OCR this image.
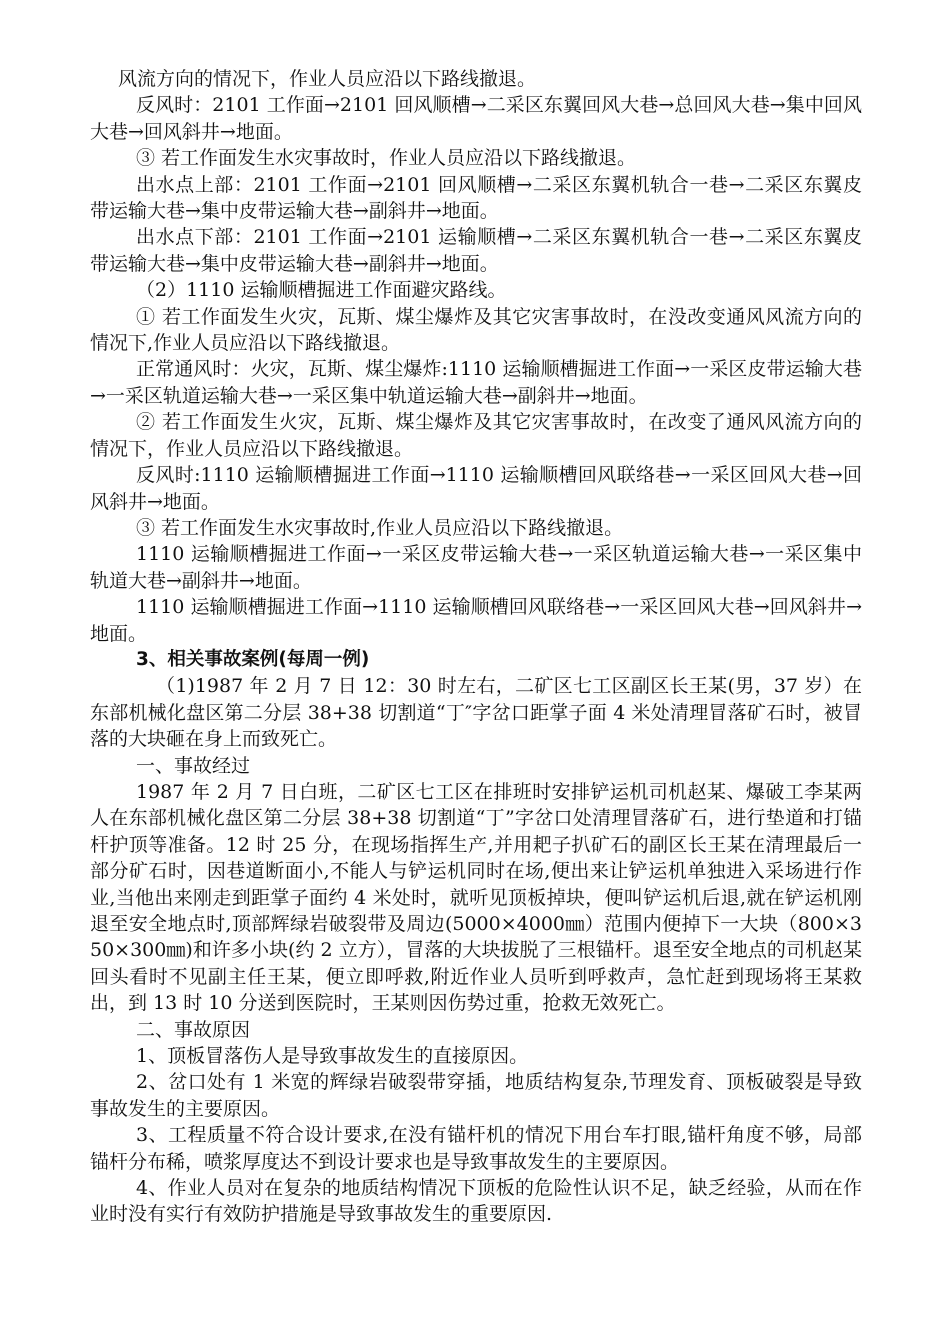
风流方向的情况下，作业人员应沿以下路线撤退。

反风时：2101 工作面→2101 回风顺槽→二采区东翼回风大巷→总回风大巷→集中回风大巷→回风斜井→地面。

③ 若工作面发生水灾事故时，作业人员应沿以下路线撤退。

出水点上部：2101 工作面→2101 回风顺槽→二采区东翼机轨合一巷→二采区东翼皮带运输大巷→集中皮带运输大巷→副斜井→地面。

出水点下部：2101 工作面→2101 运输顺槽→二采区东翼机轨合一巷→二采区东翼皮带运输大巷→集中皮带运输大巷→副斜井→地面。

（2）1110 运输顺槽掘进工作面避灾路线。

① 若工作面发生火灾，瓦斯、煤尘爆炸及其它灾害事故时，在没改变通风风流方向的情况下,作业人员应沿以下路线撤退。

正常通风时：火灾，瓦斯、煤尘爆炸:1110 运输顺槽掘进工作面→一采区皮带运输大巷→一采区轨道运输大巷→一采区集中轨道运输大巷→副斜井→地面。

② 若工作面发生火灾，瓦斯、煤尘爆炸及其它灾害事故时，在改变了通风风流方向的情况下，作业人员应沿以下路线撤退。

反风时:1110 运输顺槽掘进工作面→1110 运输顺槽回风联络巷→一采区回风大巷→回风斜井→地面。

③ 若工作面发生水灾事故时,作业人员应沿以下路线撤退。

1110 运输顺槽掘进工作面→一采区皮带运输大巷→一采区轨道运输大巷→一采区集中轨道大巷→副斜井→地面。

1110 运输顺槽掘进工作面→1110 运输顺槽回风联络巷→一采区回风大巷→回风斜井→地面。

3、相关事故案例(每周一例)

（1)1987 年 2 月 7 日 12：30 时左右，二矿区七工区副区长王某(男，37 岁）在东部机械化盘区第二分层 38+38 切割道“丁″字岔口距掌子面 4 米处清理冒落矿石时，被冒落的大块砸在身上而致死亡。

一、事故经过

1987 年 2 月 7 日白班，二矿区七工区在排班时安排铲运机司机赵某、爆破工李某两人在东部机械化盘区第二分层 38+38 切割道“丁”字岔口处清理冒落矿石，进行垫道和打锚杆护顶等准备。12 时 25 分，在现场指挥生产,并用耙子扒矿石的副区长王某在清理最后一部分矿石时，因巷道断面小,不能人与铲运机同时在场,便出来让铲运机单独进入采场进行作业,当他出来刚走到距掌子面约 4 米处时，就听见顶板掉块，便叫铲运机后退,就在铲运机刚退至安全地点时,顶部辉绿岩破裂带及周边(5000×4000㎜）范围内便掉下一大块（800×350×300㎜)和许多小块(约 2 立方），冒落的大块拔脱了三根锚杆。退至安全地点的司机赵某回头看时不见副主任王某，便立即呼救,附近作业人员听到呼救声，急忙赶到现场将王某救出，到 13 时 10 分送到医院时，王某则因伤势过重，抢救无效死亡。

二、事故原因

1、顶板冒落伤人是导致事故发生的直接原因。

2、岔口处有 1 米宽的辉绿岩破裂带穿插，地质结构复杂,节理发育、顶板破裂是导致事故发生的主要原因。

3、工程质量不符合设计要求,在没有锚杆机的情况下用台车打眼,锚杆角度不够，局部锚杆分布稀，喷浆厚度达不到设计要求也是导致事故发生的主要原因。

4、作业人员对在复杂的地质结构情况下顶板的危险性认识不足，缺乏经验，从而在作业时没有实行有效防护措施是导致事故发生的重要原因.
